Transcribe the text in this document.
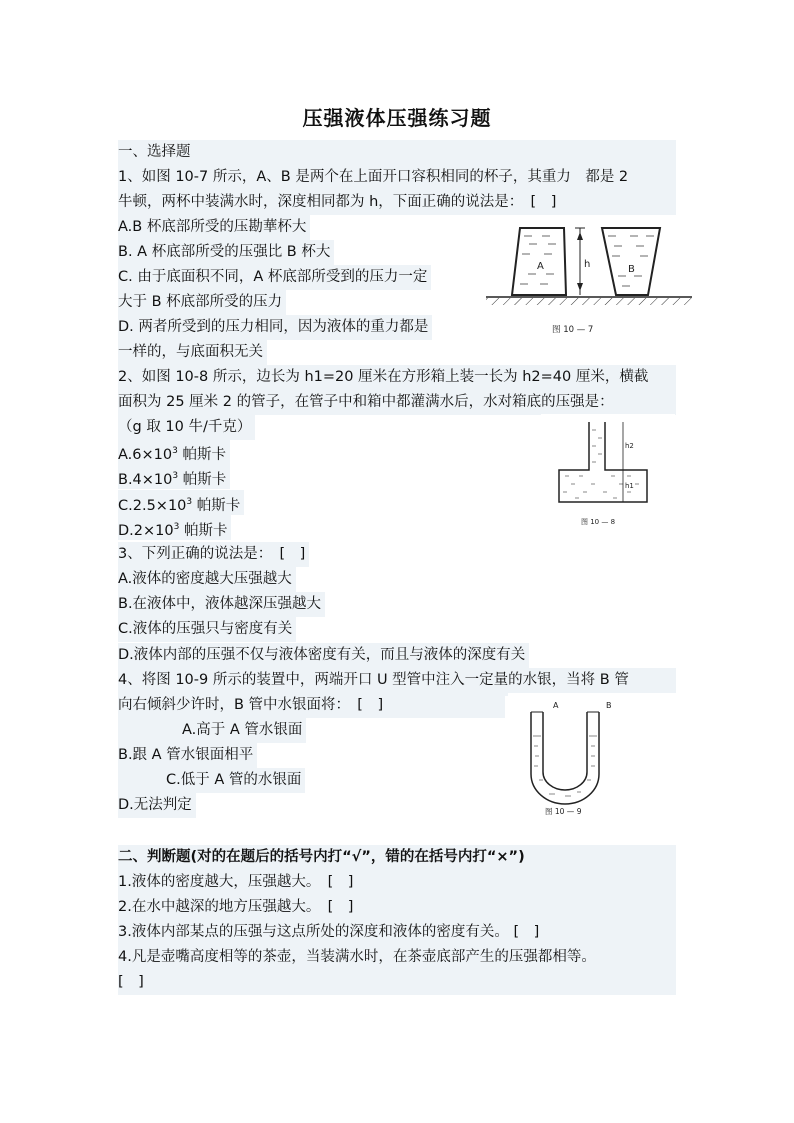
压强液体压强练习题
一、选择题
1、如图 10-7 所示，A、B 是两个在上面开口容积相同的杯子，其重力　都是 2
牛顿，两杯中装满水时，深度相同都为 h，下面正确的说法是：　[　]
A.B 杯底部所受的压勘華杯大
B. A 杯底部所受的压强比 B 杯大
C. 由于底面积不同，A 杯底部所受到的压力一定
大于 B 杯底部所受的压力
D. 两者所受到的压力相同，因为液体的重力都是
一样的，与底面积无关
A	h	B
图 10 — 7
2、如图 10-8 所示，边长为 h1=20 厘米在方形箱上装一长为 h2=40 厘米，横截
面积为 25 厘米 2 的管子，在管子中和箱中都灌满水后，水对箱底的压强是：
（g 取 10 牛/千克）
$A.6\times 10^3$ 帕斯卡
$B.4\times 10^3$ 帕斯卡
$C.2.5\times 10^3$ 帕斯卡
$D.2\times 10^3$ 帕斯卡
h2
h1
图 10 — 8
3、下列正确的说法是：　[　]
A.液体的密度越大压强越大
B.在液体中，液体越深压强越大
C.液体的压强只与密度有关
D.液体内部的压强不仅与液体密度有关，而且与液体的深度有关
4、将图 10-9 所示的装置中，两端开口 U 型管中注入一定量的水银，当将 B 管
向右倾斜少许时，B 管中水银面将：　[　]
A.高于 A 管水银面
B.跟 A 管水银面相平
C.低于 A 管的水银面
D.无法判定
A	B
图 10 — 9
二、判断题(对的在题后的括号内打“√”，错的在括号内打“×”)
1.液体的密度越大，压强越大。　[　]
2.在水中越深的地方压强越大。　[　]
3.液体内部某点的压强与这点所处的深度和液体的密度有关。 [　]
4.凡是壶嘴高度相等的茶壶，当装满水时，在茶壶底部产生的压强都相等。
[　]
